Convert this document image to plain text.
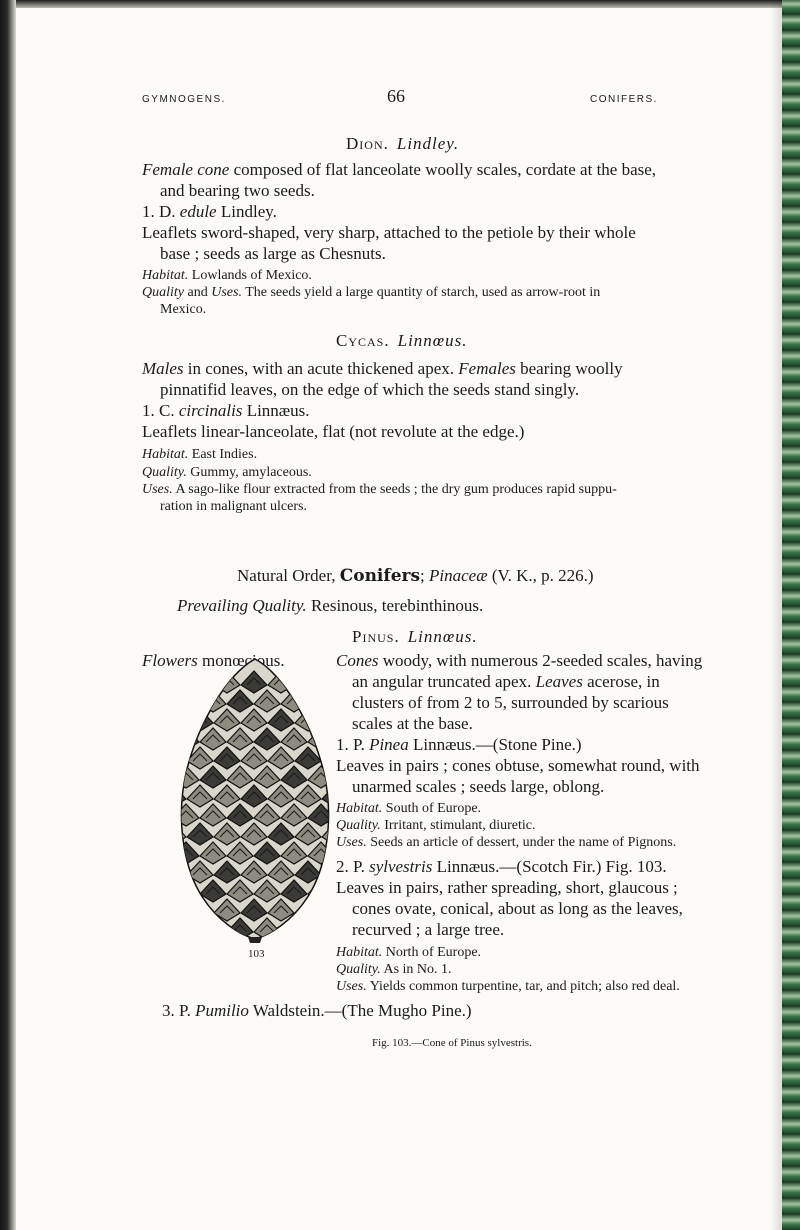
GYMNOGENS.	66	CONIFERS.
Dion. Lindley.
Female cone composed of flat lanceolate woolly scales, cordate at the base,
and bearing two seeds.
1. D. edule Lindley.
Leaflets sword-shaped, very sharp, attached to the petiole by their whole
base ; seeds as large as Chesnuts.
Habitat. Lowlands of Mexico.
Quality and Uses. The seeds yield a large quantity of starch, used as arrow-root in
Mexico.
Cycas. Linnœus.
Males in cones, with an acute thickened apex. Females bearing woolly
pinnatifid leaves, on the edge of which the seeds stand singly.
1. C. circinalis Linnæus.
Leaflets linear-lanceolate, flat (not revolute at the edge.)
Habitat. East Indies.
Quality. Gummy, amylaceous.
Uses. A sago-like flour extracted from the seeds ; the dry gum produces rapid suppu-
ration in malignant ulcers.
Natural Order, Conifers; Pinaceæ (V. K., p. 226.)
Prevailing Quality. Resinous, terebinthinous.
Pinus. Linnœus.
Flowers monœcious.	Cones woody, with numerous 2-seeded scales, having
an angular truncated apex. Leaves acerose, in
clusters of from 2 to 5, surrounded by scarious
scales at the base.
1. P. Pinea Linnæus.—(Stone Pine.)
Leaves in pairs ; cones obtuse, somewhat round, with
unarmed scales ; seeds large, oblong.
Habitat. South of Europe.
Quality. Irritant, stimulant, diuretic.
Uses. Seeds an article of dessert, under the name of Pignons.
2. P. sylvestris Linnæus.—(Scotch Fir.) Fig. 103.
Leaves in pairs, rather spreading, short, glaucous ;
cones ovate, conical, about as long as the leaves,
recurved ; a large tree.
Habitat. North of Europe.
Quality. As in No. 1.
Uses. Yields common turpentine, tar, and pitch; also red deal.
3. P. Pumilio Waldstein.—(The Mugho Pine.)
103
Fig. 103.—Cone of Pinus sylvestris.
